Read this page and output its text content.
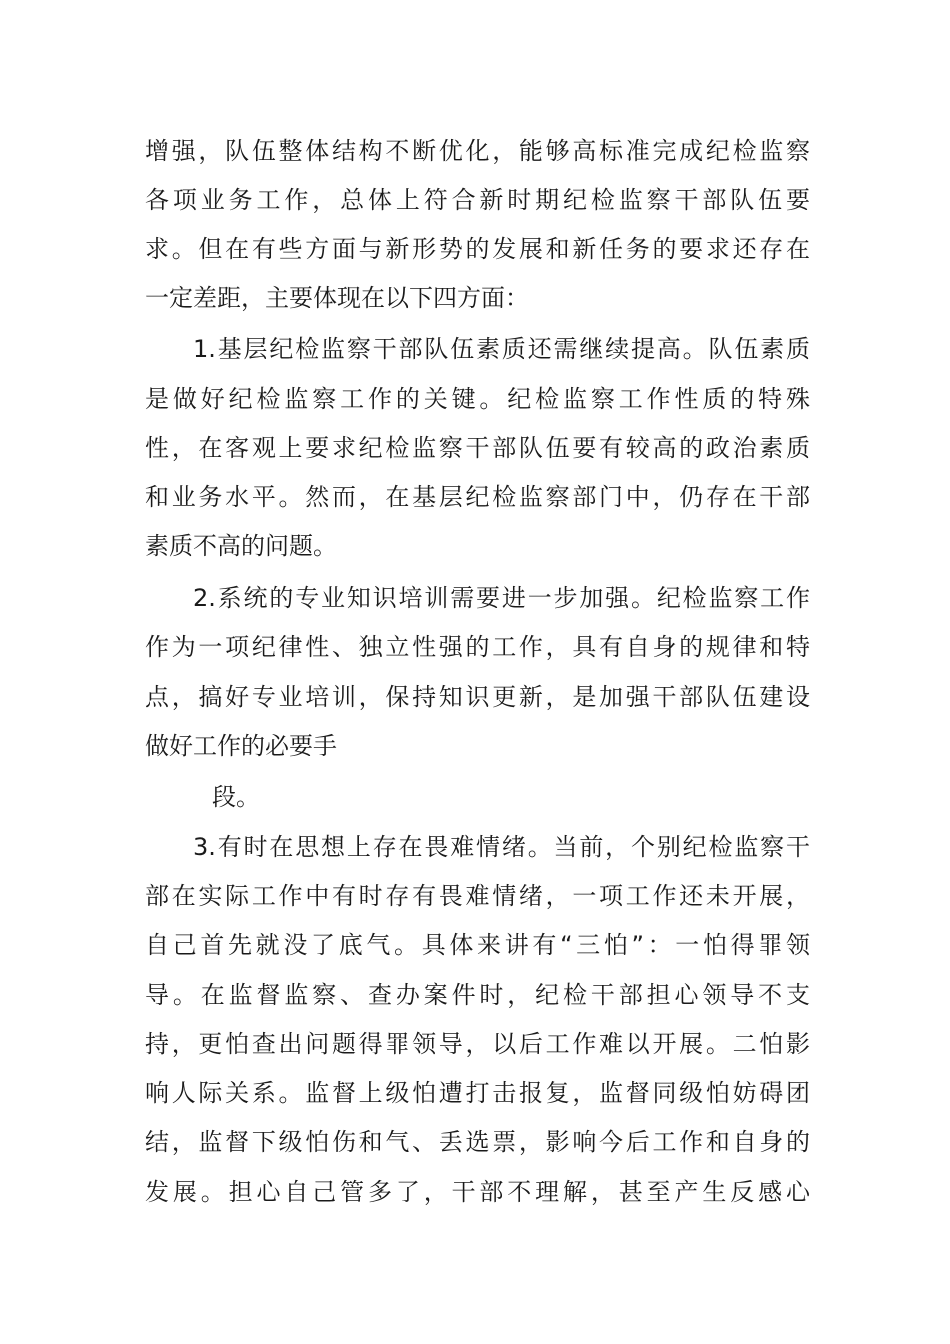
增强，队伍整体结构不断优化，能够高标准完成纪检监察
各项业务工作，总体上符合新时期纪检监察干部队伍要
求。但在有些方面与新形势的发展和新任务的要求还存在
一定差距，主要体现在以下四方面：
1.基层纪检监察干部队伍素质还需继续提高。队伍素质
是做好纪检监察工作的关键。纪检监察工作性质的特殊
性，在客观上要求纪检监察干部队伍要有较高的政治素质
和业务水平。然而，在基层纪检监察部门中，仍存在干部
素质不高的问题。
2.系统的专业知识培训需要进一步加强。纪检监察工作
作为一项纪律性、独立性强的工作，具有自身的规律和特
点，搞好专业培训，保持知识更新，是加强干部队伍建设
做好工作的必要手
段。
3.有时在思想上存在畏难情绪。当前，个别纪检监察干
部在实际工作中有时存有畏难情绪，一项工作还未开展，
自己首先就没了底气。具体来讲有“三怕”：一怕得罪领
导。在监督监察、查办案件时，纪检干部担心领导不支
持，更怕查出问题得罪领导，以后工作难以开展。二怕影
响人际关系。监督上级怕遭打击报复，监督同级怕妨碍团
结，监督下级怕伤和气、丢选票，影响今后工作和自身的
发展。担心自己管多了，干部不理解，甚至产生反感心
